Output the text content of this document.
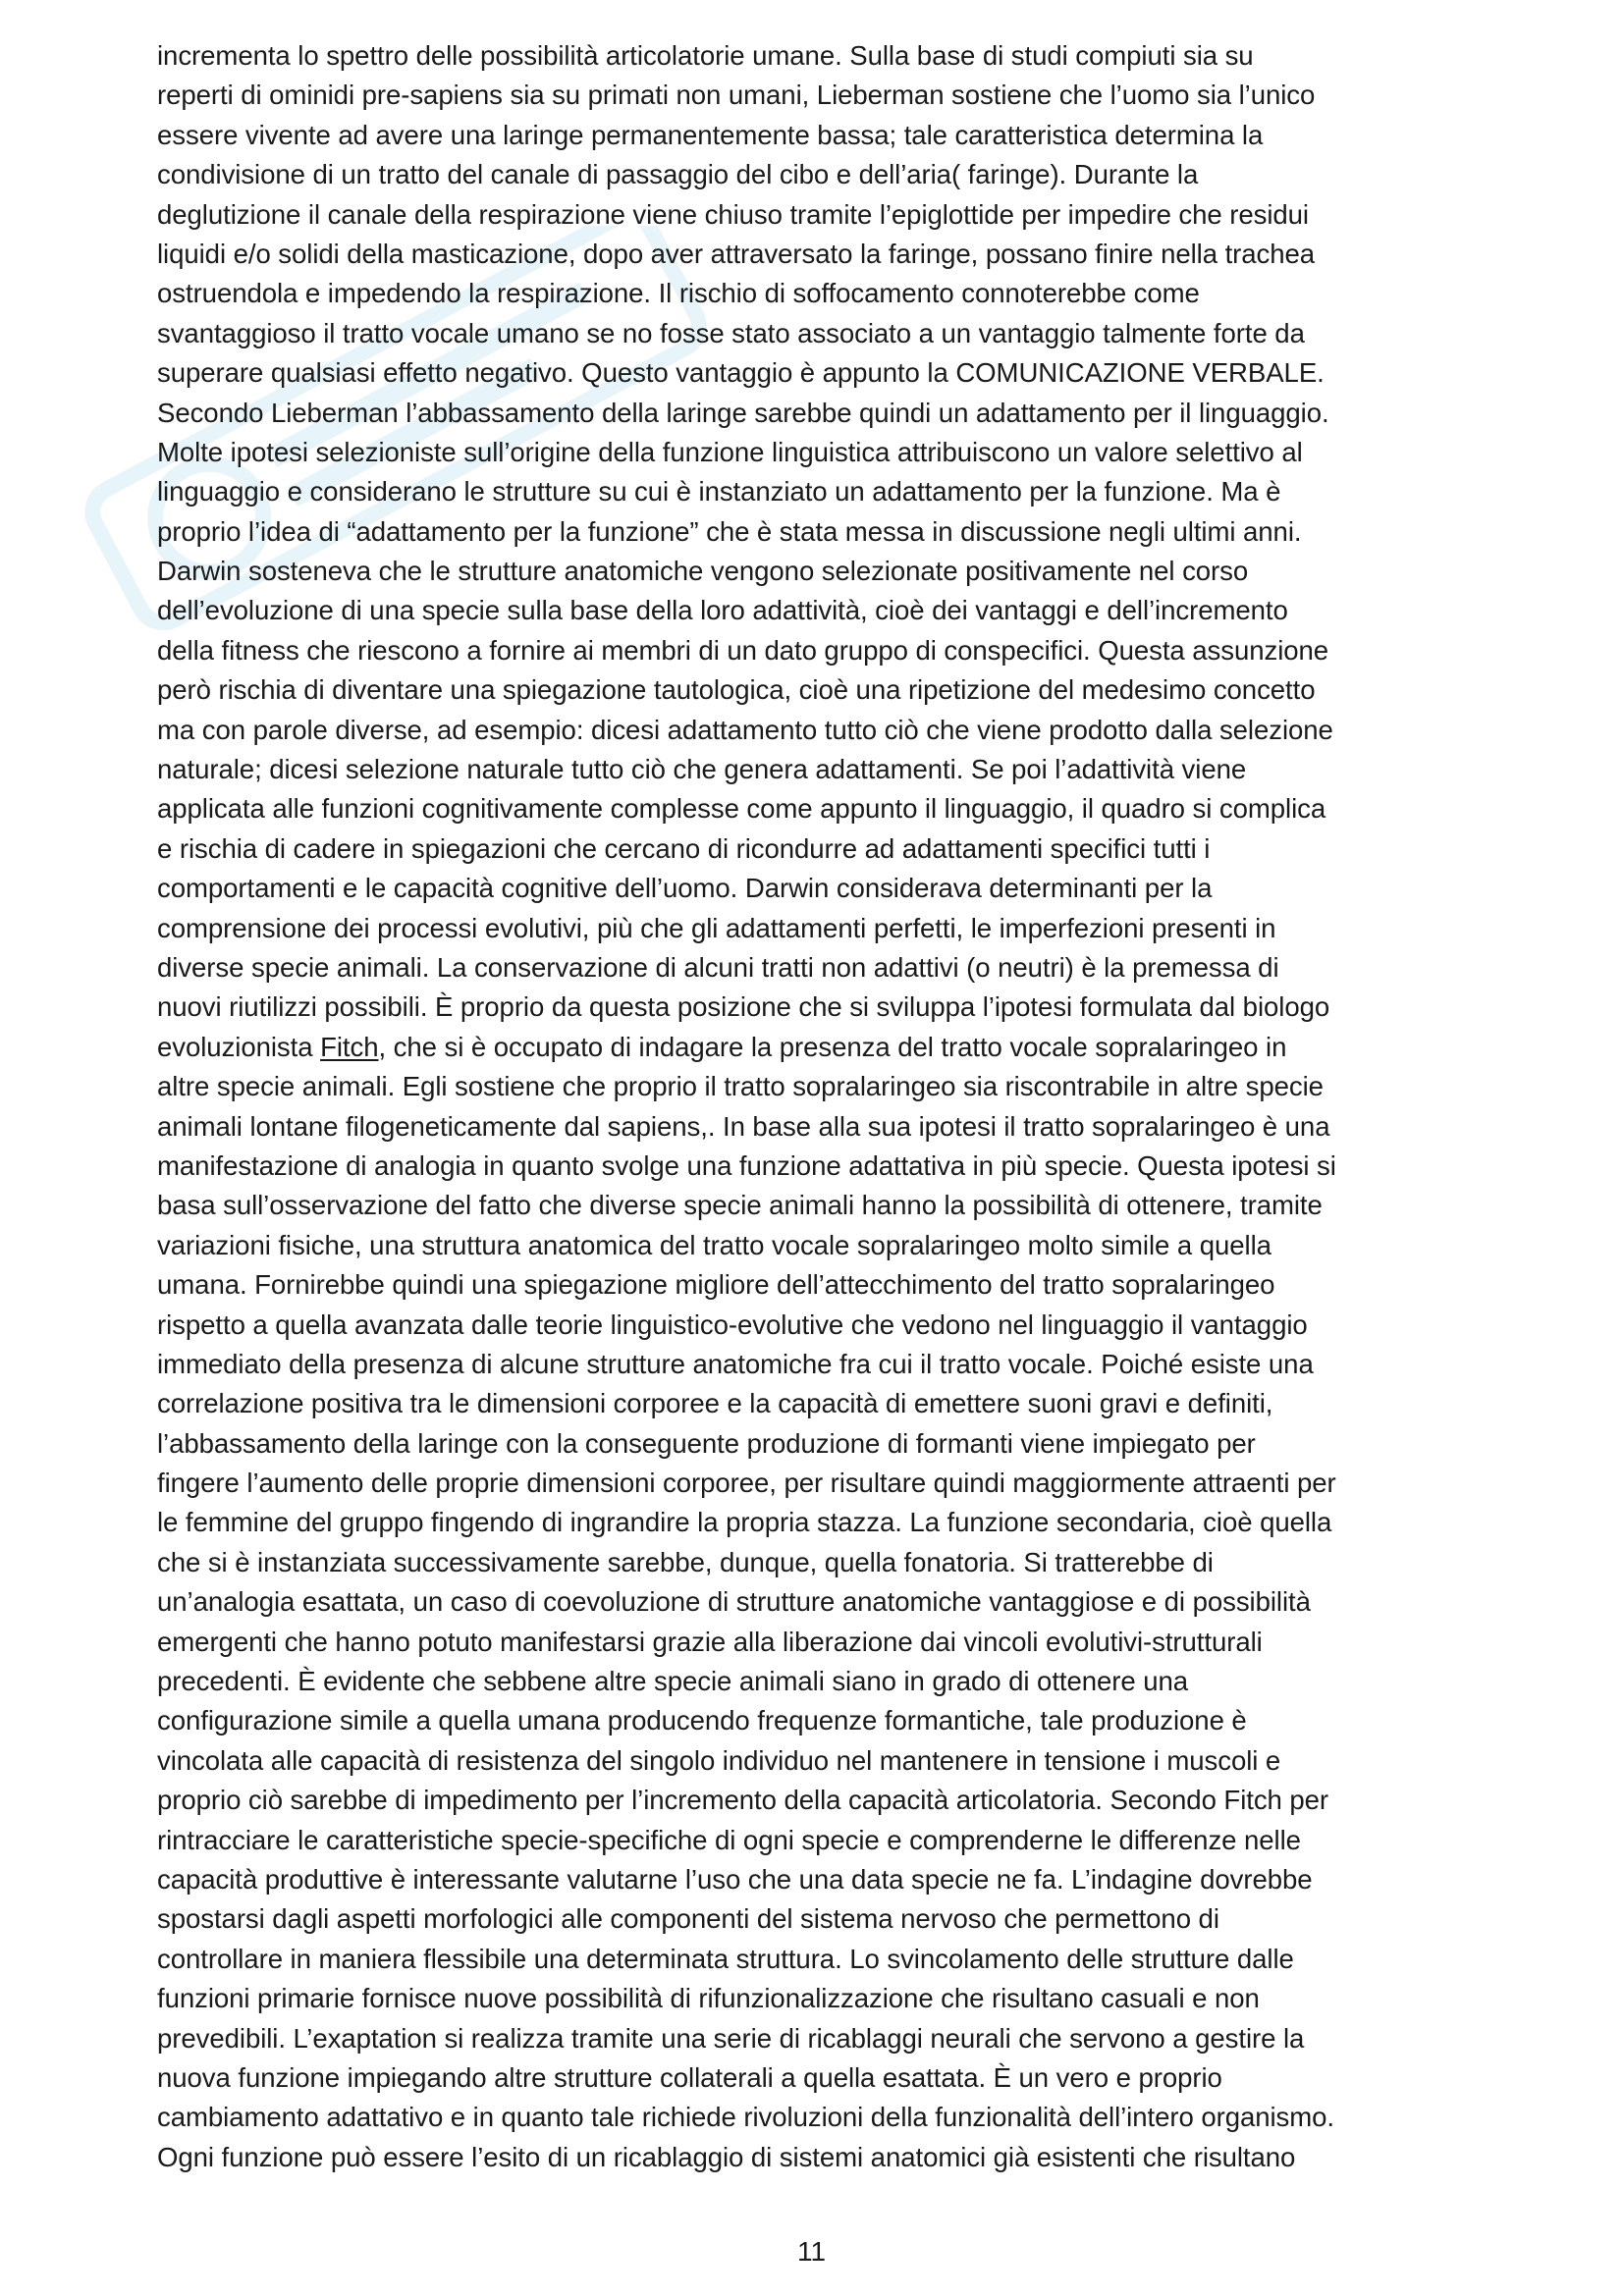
incrementa lo spettro delle possibilità articolatorie umane. Sulla base di studi compiuti sia su
reperti di ominidi pre-sapiens sia su primati non umani, Lieberman sostiene che l’uomo sia l’unico
essere vivente ad avere una laringe permanentemente bassa; tale caratteristica determina la
condivisione di un tratto del canale di passaggio del cibo e dell’aria( faringe). Durante la
deglutizione il canale della respirazione viene chiuso tramite l’epiglottide per impedire che residui
liquidi e/o solidi della masticazione, dopo aver attraversato la faringe, possano finire nella trachea
ostruendola e impedendo la respirazione. Il rischio di soffocamento connoterebbe come
svantaggioso il tratto vocale umano se no fosse stato associato a un vantaggio talmente forte da
superare qualsiasi effetto negativo. Questo vantaggio è appunto la COMUNICAZIONE VERBALE.
Secondo Lieberman l’abbassamento della laringe sarebbe quindi un adattamento per il linguaggio.
Molte ipotesi selezioniste sull’origine della funzione linguistica attribuiscono un valore selettivo al
linguaggio e considerano le strutture su cui è instanziato un adattamento per la funzione. Ma è
proprio l’idea di “adattamento per la funzione” che è stata messa in discussione negli ultimi anni.
Darwin sosteneva che le strutture anatomiche vengono selezionate positivamente nel corso
dell’evoluzione di una specie sulla base della loro adattività, cioè dei vantaggi e dell’incremento
della fitness che riescono a fornire ai membri di un dato gruppo di conspecifici. Questa assunzione
però rischia di diventare una spiegazione tautologica, cioè una ripetizione del medesimo concetto
ma con parole diverse, ad esempio: dicesi adattamento tutto ciò che viene prodotto dalla selezione
naturale; dicesi selezione naturale tutto ciò che genera adattamenti. Se poi l’adattività viene
applicata alle funzioni cognitivamente complesse come appunto il linguaggio, il quadro si complica
e rischia di cadere in spiegazioni che cercano di ricondurre ad adattamenti specifici tutti i
comportamenti e le capacità cognitive dell’uomo. Darwin considerava determinanti per la
comprensione dei processi evolutivi, più che gli adattamenti perfetti, le imperfezioni presenti in
diverse specie animali. La conservazione di alcuni tratti non adattivi (o neutri) è la premessa di
nuovi riutilizzi possibili. È proprio da questa posizione che si sviluppa l’ipotesi formulata dal biologo
evoluzionista Fitch, che si è occupato di indagare la presenza del tratto vocale sopralaringeo in
altre specie animali. Egli sostiene che proprio il tratto sopralaringeo sia riscontrabile in altre specie
animali lontane filogeneticamente dal sapiens,. In base alla sua ipotesi il tratto sopralaringeo è una
manifestazione di analogia in quanto svolge una funzione adattativa in più specie. Questa ipotesi si
basa sull’osservazione del fatto che diverse specie animali hanno la possibilità di ottenere, tramite
variazioni fisiche, una struttura anatomica del tratto vocale sopralaringeo molto simile a quella
umana. Fornirebbe quindi una spiegazione migliore dell’attecchimento del tratto sopralaringeo
rispetto a quella avanzata dalle teorie linguistico-evolutive che vedono nel linguaggio il vantaggio
immediato della presenza di alcune strutture anatomiche fra cui il tratto vocale. Poiché esiste una
correlazione positiva tra le dimensioni corporee e la capacità di emettere suoni gravi e definiti,
l’abbassamento della laringe con la conseguente produzione di formanti viene impiegato per
fingere l’aumento delle proprie dimensioni corporee, per risultare quindi maggiormente attraenti per
le femmine del gruppo fingendo di ingrandire la propria stazza. La funzione secondaria, cioè quella
che si è instanziata successivamente sarebbe, dunque, quella fonatoria. Si tratterebbe di
un’analogia esattata, un caso di coevoluzione di strutture anatomiche vantaggiose e di possibilità
emergenti che hanno potuto manifestarsi grazie alla liberazione dai vincoli evolutivi-strutturali
precedenti. È evidente che sebbene altre specie animali siano in grado di ottenere una
configurazione simile a quella umana producendo frequenze formantiche, tale produzione è
vincolata alle capacità di resistenza del singolo individuo nel mantenere in tensione i muscoli e
proprio ciò sarebbe di impedimento per l’incremento della capacità articolatoria. Secondo Fitch per
rintracciare le caratteristiche specie-specifiche di ogni specie e comprenderne le differenze nelle
capacità produttive è interessante valutarne l’uso che una data specie ne fa. L’indagine dovrebbe
spostarsi dagli aspetti morfologici alle componenti del sistema nervoso che permettono di
controllare in maniera flessibile una determinata struttura. Lo svincolamento delle strutture dalle
funzioni primarie fornisce nuove possibilità di rifunzionalizzazione che risultano casuali e non
prevedibili. L’exaptation si realizza tramite una serie di ricablaggi neurali che servono a gestire la
nuova funzione impiegando altre strutture collaterali a quella esattata. È un vero e proprio
cambiamento adattativo e in quanto tale richiede rivoluzioni della funzionalità dell’intero organismo.
Ogni funzione può essere l’esito di un ricablaggio di sistemi anatomici già esistenti che risultano
11
